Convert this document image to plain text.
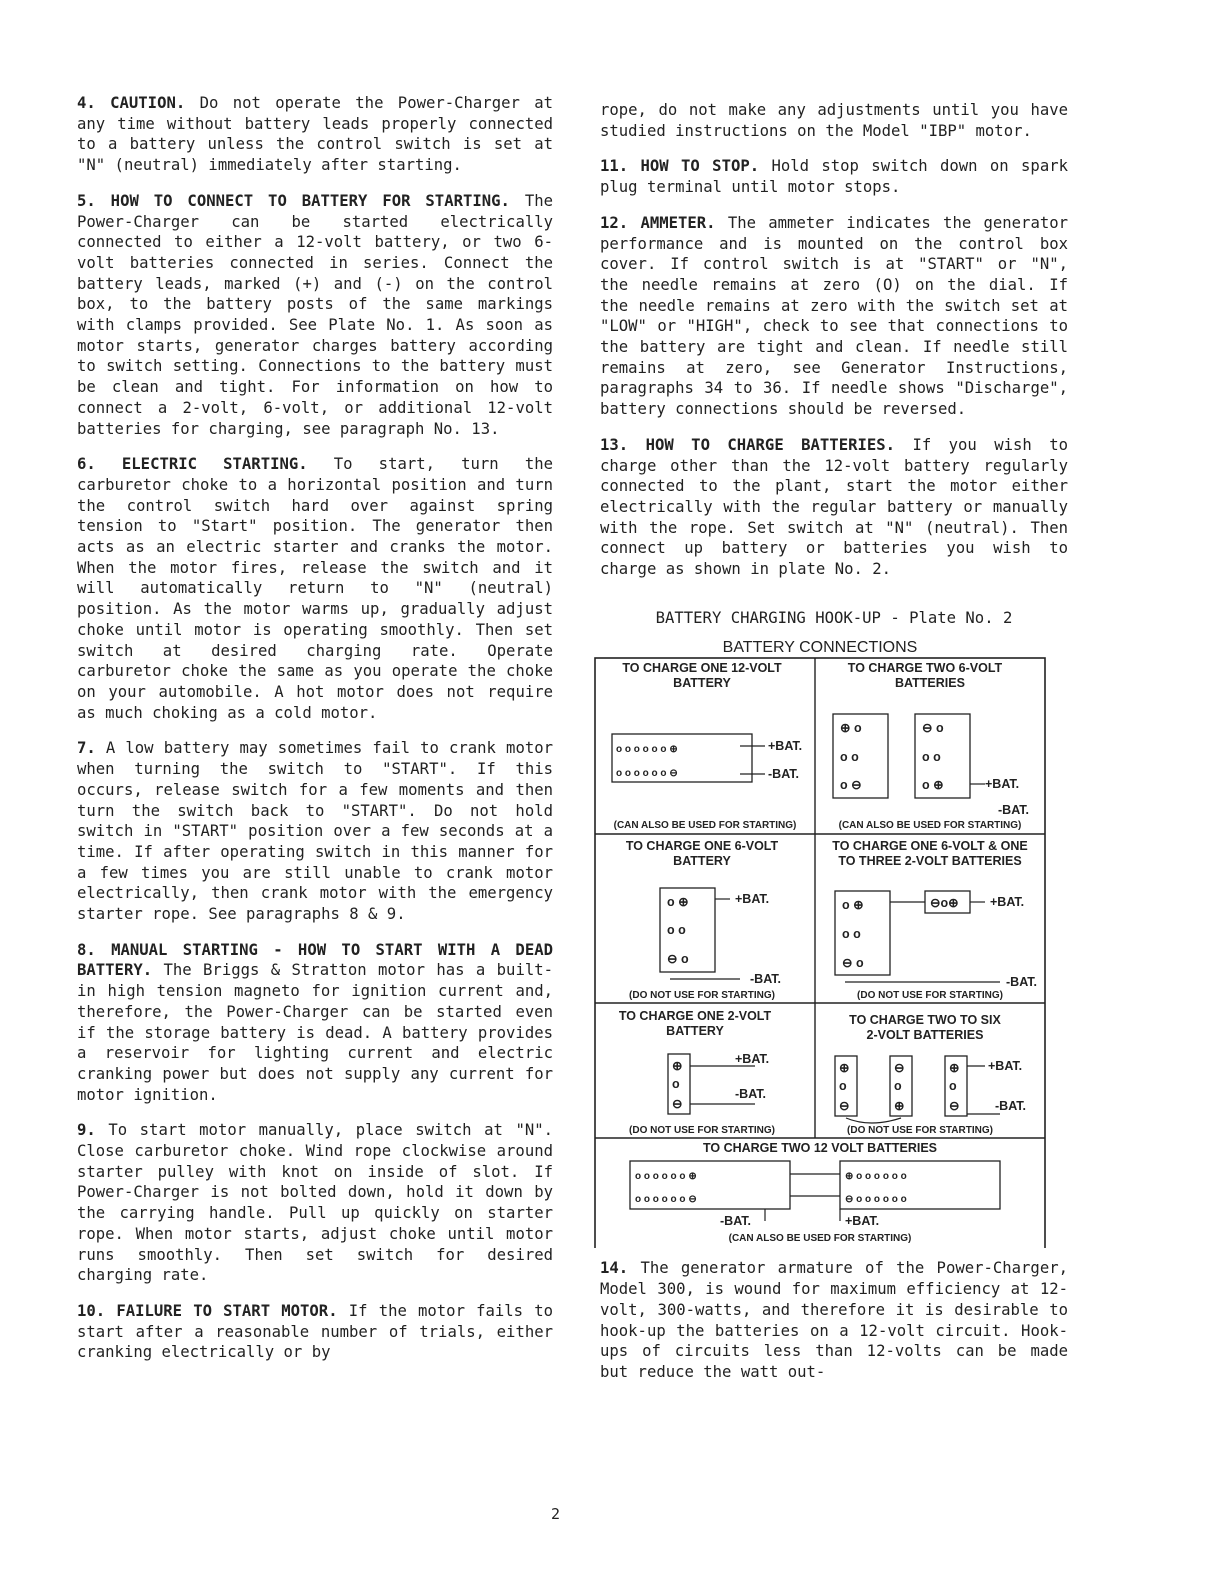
4. CAUTION. Do not operate the Power-Charger at any time without battery leads properly connected to a battery unless the control switch is set at "N" (neutral) immediately after starting.

5. HOW TO CONNECT TO BATTERY FOR STARTING. The Power-Charger can be started electrically connected to either a 12-volt battery, or two 6-volt batteries connected in series. Connect the battery leads, marked (+) and (-) on the control box, to the battery posts of the same markings with clamps provided. See Plate No. 1. As soon as motor starts, generator charges battery according to switch setting. Connections to the battery must be clean and tight. For information on how to connect a 2-volt, 6-volt, or additional 12-volt batteries for charging, see paragraph No. 13.

6. ELECTRIC STARTING. To start, turn the carburetor choke to a horizontal position and turn the control switch hard over against spring tension to "Start" position. The generator then acts as an electric starter and cranks the motor. When the motor fires, release the switch and it will automatically return to "N" (neutral) position. As the motor warms up, gradually adjust choke until motor is operating smoothly. Then set switch at desired charging rate. Operate carburetor choke the same as you operate the choke on your automobile. A hot motor does not require as much choking as a cold motor.

7. A low battery may sometimes fail to crank motor when turning the switch to "START". If this occurs, release switch for a few moments and then turn the switch back to "START". Do not hold switch in "START" position over a few seconds at a time. If after operating switch in this manner for a few times you are still unable to crank motor electrically, then crank motor with the emergency starter rope. See paragraphs 8 & 9.

8. MANUAL STARTING - HOW TO START WITH A DEAD BATTERY. The Briggs & Stratton motor has a built-in high tension magneto for ignition current and, therefore, the Power-Charger can be started even if the storage battery is dead. A battery provides a reservoir for lighting current and electric cranking power but does not supply any current for motor ignition.

9. To start motor manually, place switch at "N". Close carburetor choke. Wind rope clockwise around starter pulley with knot on inside of slot. If Power-Charger is not bolted down, hold it down by the carrying handle. Pull up quickly on starter rope. When motor starts, adjust choke until motor runs smoothly. Then set switch for desired charging rate.

10. FAILURE TO START MOTOR. If the motor fails to start after a reasonable number of trials, either cranking electrically or by

rope, do not make any adjustments until you have studied instructions on the Model "IBP" motor.

11. HOW TO STOP. Hold stop switch down on spark plug terminal until motor stops.

12. AMMETER. The ammeter indicates the generator performance and is mounted on the control box cover. If control switch is at "START" or "N", the needle remains at zero (O) on the dial. If the needle remains at zero with the switch set at "LOW" or "HIGH", check to see that connections to the battery are tight and clean. If needle still remains at zero, see Generator Instructions, paragraphs 34 to 36. If needle shows "Discharge", battery connections should be reversed.

13. HOW TO CHARGE BATTERIES. If you wish to charge other than the 12-volt battery regularly connected to the plant, start the motor either electrically with the regular battery or manually with the rope. Set switch at "N" (neutral). Then connect up battery or batteries you wish to charge as shown in plate No. 2.

BATTERY CHARGING HOOK-UP - Plate No. 2
BATTERY CONNECTIONS
TO CHARGE ONE 12-VOLT
BATTERY
o o o o o o ⊕
o o o o o o ⊖
+BAT.
-BAT.
(CAN ALSO BE USED FOR STARTING)
TO CHARGE TWO 6-VOLT
BATTERIES
⊕ o
o o
o ⊖
⊖ o
o o
o ⊕	+BAT.
-BAT.
(CAN ALSO BE USED FOR STARTING)
TO CHARGE ONE 6-VOLT
BATTERY
o ⊕
o o
⊖ o
+BAT.
-BAT.
(DO NOT USE FOR STARTING)
TO CHARGE ONE 6-VOLT & ONE
TO THREE 2-VOLT BATTERIES
o ⊕
o o
⊖ o
⊖o⊕	+BAT.
-BAT.
(DO NOT USE FOR STARTING)
TO CHARGE ONE 2-VOLT
BATTERY
⊕
o
⊖
+BAT.
-BAT.
(DO NOT USE FOR STARTING)
TO CHARGE TWO TO SIX
2-VOLT BATTERIES
⊕
o
⊖
⊖
o
⊕
⊕
o
⊖
+BAT.
-BAT.
(DO NOT USE FOR STARTING)
TO CHARGE TWO 12 VOLT BATTERIES
o o o o o o ⊕
o o o o o o ⊖
⊕ o o o o o o
⊖ o o o o o o
-BAT.	+BAT.
(CAN ALSO BE USED FOR STARTING)

14. The generator armature of the Power-Charger, Model 300, is wound for maximum efficiency at 12-volt, 300-watts, and therefore it is desirable to hook-up the batteries on a 12-volt circuit. Hook-ups of circuits less than 12-volts can be made but reduce the watt out-

2
